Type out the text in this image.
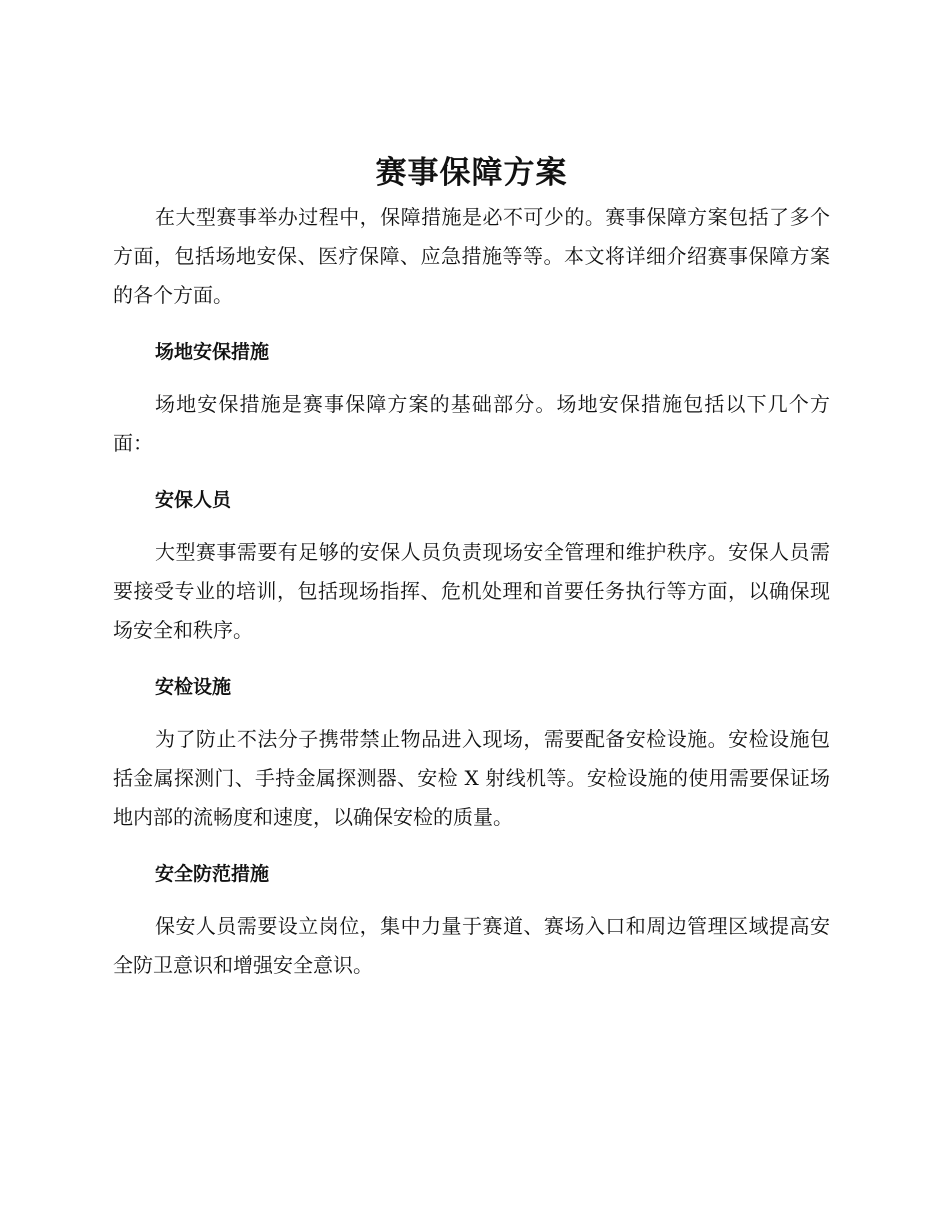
赛事保障方案

在大型赛事举办过程中，保障措施是必不可少的。赛事保障方案包括了多个方面，包括场地安保、医疗保障、应急措施等等。本文将详细介绍赛事保障方案的各个方面。

场地安保措施

场地安保措施是赛事保障方案的基础部分。场地安保措施包括以下几个方面：

安保人员

大型赛事需要有足够的安保人员负责现场安全管理和维护秩序。安保人员需要接受专业的培训，包括现场指挥、危机处理和首要任务执行等方面，以确保现场安全和秩序。

安检设施

为了防止不法分子携带禁止物品进入现场，需要配备安检设施。安检设施包括金属探测门、手持金属探测器、安检 X 射线机等。安检设施的使用需要保证场地内部的流畅度和速度，以确保安检的质量。

安全防范措施

保安人员需要设立岗位，集中力量于赛道、赛场入口和周边管理区域提高安全防卫意识和增强安全意识。
